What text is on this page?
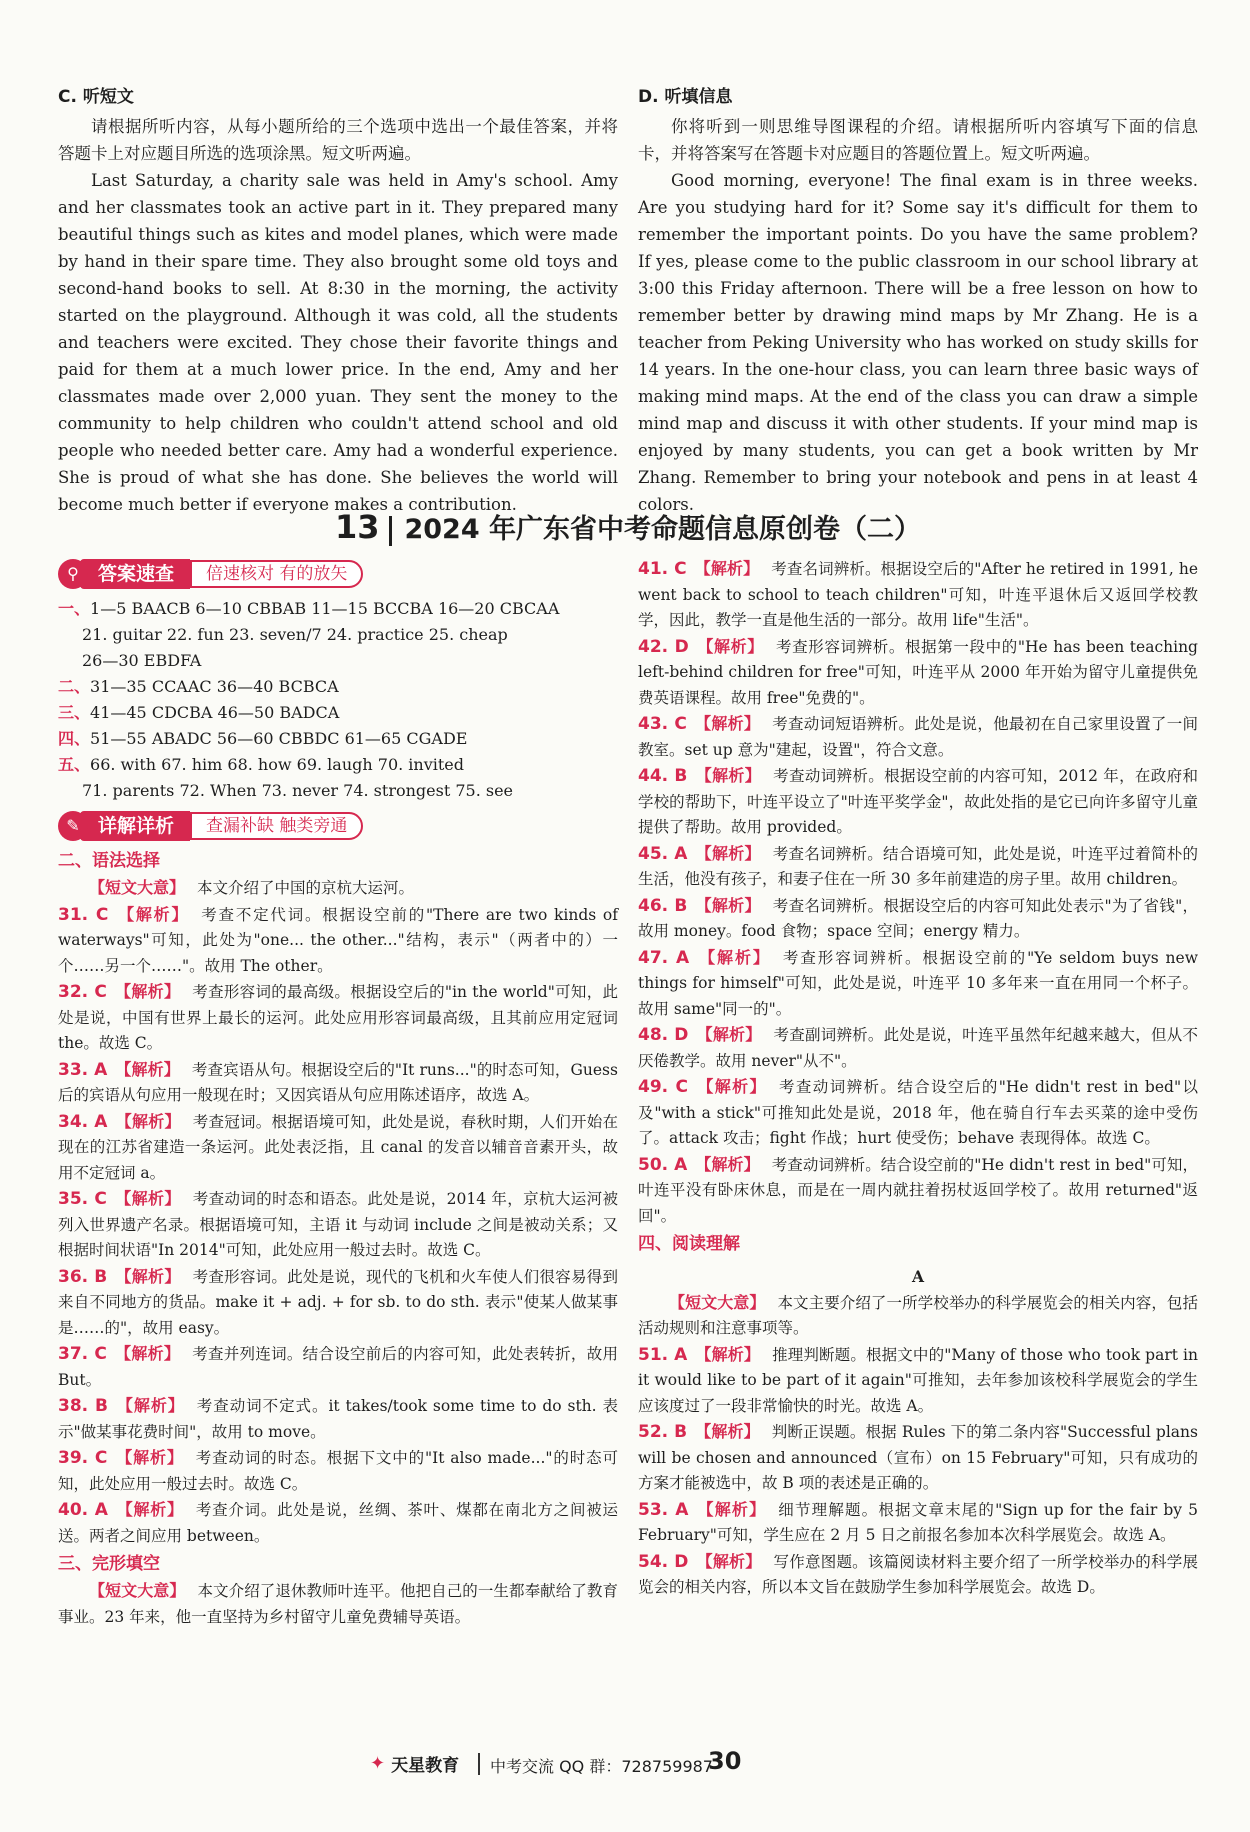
C. 听短文

请根据所听内容，从每小题所给的三个选项中选出一个最佳答案，并将答题卡上对应题目所选的选项涂黑。短文听两遍。

Last Saturday, a charity sale was held in Amy's school. Amy and her classmates took an active part in it. They prepared many beautiful things such as kites and model planes, which were made by hand in their spare time. They also brought some old toys and second-hand books to sell. At 8:30 in the morning, the activity started on the playground. Although it was cold, all the students and teachers were excited. They chose their favorite things and paid for them at a much lower price. In the end, Amy and her classmates made over 2,000 yuan. They sent the money to the community to help children who couldn't attend school and old people who needed better care. Amy had a wonderful experience. She is proud of what she has done. She believes the world will become much better if everyone makes a contribution.

D. 听填信息

你将听到一则思维导图课程的介绍。请根据所听内容填写下面的信息卡，并将答案写在答题卡对应题目的答题位置上。短文听两遍。

Good morning, everyone! The final exam is in three weeks. Are you studying hard for it? Some say it's difficult for them to remember the important points. Do you have the same problem? If yes, please come to the public classroom in our school library at 3:00 this Friday afternoon. There will be a free lesson on how to remember better by drawing mind maps by Mr Zhang. He is a teacher from Peking University who has worked on study skills for 14 years. In the one-hour class, you can learn three basic ways of making mind maps. At the end of the class you can draw a simple mind map and discuss it with other students. If your mind map is enjoyed by many students, you can get a book written by Mr Zhang. Remember to bring your notebook and pens in at least 4 colors.

13 2024 年广东省中考命题信息原创卷（二）
⚲	答案速查	倍速核对 有的放矢

一、1—5 BAACB 6—10 CBBAB 11—15 BCCBA 16—20 CBCAA

21. guitar 22. fun 23. seven/7 24. practice 25. cheap

26—30 EBDFA

二、31—35 CCAAC 36—40 BCBCA

三、41—45 CDCBA 46—50 BADCA

四、51—55 ABADC 56—60 CBBDC 61—65 CGADE

五、66. with 67. him 68. how 69. laugh 70. invited

71. parents 72. When 73. never 74. strongest 75. see

✎ 详解详析	查漏补缺 触类旁通

二、语法选择

【短文大意】 本文介绍了中国的京杭大运河。

31. C 【解析】 考查不定代词。根据设空前的"There are two kinds of waterways"可知，此处为"one... the other..."结构，表示"（两者中的）一个……另一个……"。故用 The other。

32. C 【解析】 考查形容词的最高级。根据设空后的"in the world"可知，此处是说，中国有世界上最长的运河。此处应用形容词最高级，且其前应用定冠词 the。故选 C。

33. A 【解析】 考查宾语从句。根据设空后的"It runs..."的时态可知，Guess 后的宾语从句应用一般现在时；又因宾语从句应用陈述语序，故选 A。

34. A 【解析】 考查冠词。根据语境可知，此处是说，春秋时期，人们开始在现在的江苏省建造一条运河。此处表泛指，且 canal 的发音以辅音音素开头，故用不定冠词 a。

35. C 【解析】 考查动词的时态和语态。此处是说，2014 年，京杭大运河被列入世界遗产名录。根据语境可知，主语 it 与动词 include 之间是被动关系；又根据时间状语"In 2014"可知，此处应用一般过去时。故选 C。

36. B 【解析】 考查形容词。此处是说，现代的飞机和火车使人们很容易得到来自不同地方的货品。make it + adj. + for sb. to do sth. 表示"使某人做某事是……的"，故用 easy。

37. C 【解析】 考查并列连词。结合设空前后的内容可知，此处表转折，故用 But。

38. B 【解析】 考查动词不定式。it takes/took some time to do sth. 表示"做某事花费时间"，故用 to move。

39. C 【解析】 考查动词的时态。根据下文中的"It also made..."的时态可知，此处应用一般过去时。故选 C。

40. A 【解析】 考查介词。此处是说，丝绸、茶叶、煤都在南北方之间被运送。两者之间应用 between。

三、完形填空

【短文大意】 本文介绍了退休教师叶连平。他把自己的一生都奉献给了教育事业。23 年来，他一直坚持为乡村留守儿童免费辅导英语。

41. C 【解析】 考查名词辨析。根据设空后的"After he retired in 1991, he went back to school to teach children"可知，叶连平退休后又返回学校教学，因此，教学一直是他生活的一部分。故用 life"生活"。

42. D 【解析】 考查形容词辨析。根据第一段中的"He has been teaching left-behind children for free"可知，叶连平从 2000 年开始为留守儿童提供免费英语课程。故用 free"免费的"。

43. C 【解析】 考查动词短语辨析。此处是说，他最初在自己家里设置了一间教室。set up 意为"建起，设置"，符合文意。

44. B 【解析】 考查动词辨析。根据设空前的内容可知，2012 年，在政府和学校的帮助下，叶连平设立了"叶连平奖学金"，故此处指的是它已向许多留守儿童提供了帮助。故用 provided。

45. A 【解析】 考查名词辨析。结合语境可知，此处是说，叶连平过着简朴的生活，他没有孩子，和妻子住在一所 30 多年前建造的房子里。故用 children。

46. B 【解析】 考查名词辨析。根据设空后的内容可知此处表示"为了省钱"，故用 money。food 食物；space 空间；energy 精力。

47. A 【解析】 考查形容词辨析。根据设空前的"Ye seldom buys new things for himself"可知，此处是说，叶连平 10 多年来一直在用同一个杯子。故用 same"同一的"。

48. D 【解析】 考查副词辨析。此处是说，叶连平虽然年纪越来越大，但从不厌倦教学。故用 never"从不"。

49. C 【解析】 考查动词辨析。结合设空后的"He didn't rest in bed"以及"with a stick"可推知此处是说，2018 年，他在骑自行车去买菜的途中受伤了。attack 攻击；fight 作战；hurt 使受伤；behave 表现得体。故选 C。

50. A 【解析】 考查动词辨析。结合设空前的"He didn't rest in bed"可知，叶连平没有卧床休息，而是在一周内就拄着拐杖返回学校了。故用 returned"返回"。

四、阅读理解

A

【短文大意】 本文主要介绍了一所学校举办的科学展览会的相关内容，包括活动规则和注意事项等。

51. A 【解析】 推理判断题。根据文中的"Many of those who took part in it would like to be part of it again"可推知，去年参加该校科学展览会的学生应该度过了一段非常愉快的时光。故选 A。

52. B 【解析】 判断正误题。根据 Rules 下的第二条内容"Successful plans will be chosen and announced（宣布）on 15 February"可知，只有成功的方案才能被选中，故 B 项的表述是正确的。

53. A 【解析】 细节理解题。根据文章末尾的"Sign up for the fair by 5 February"可知，学生应在 2 月 5 日之前报名参加本次科学展览会。故选 A。

54. D 【解析】 写作意图题。该篇阅读材料主要介绍了一所学校举办的科学展览会的相关内容，所以本文旨在鼓励学生参加科学展览会。故选 D。

✦ 天星教育 中考交流 QQ 群：728759987
30
